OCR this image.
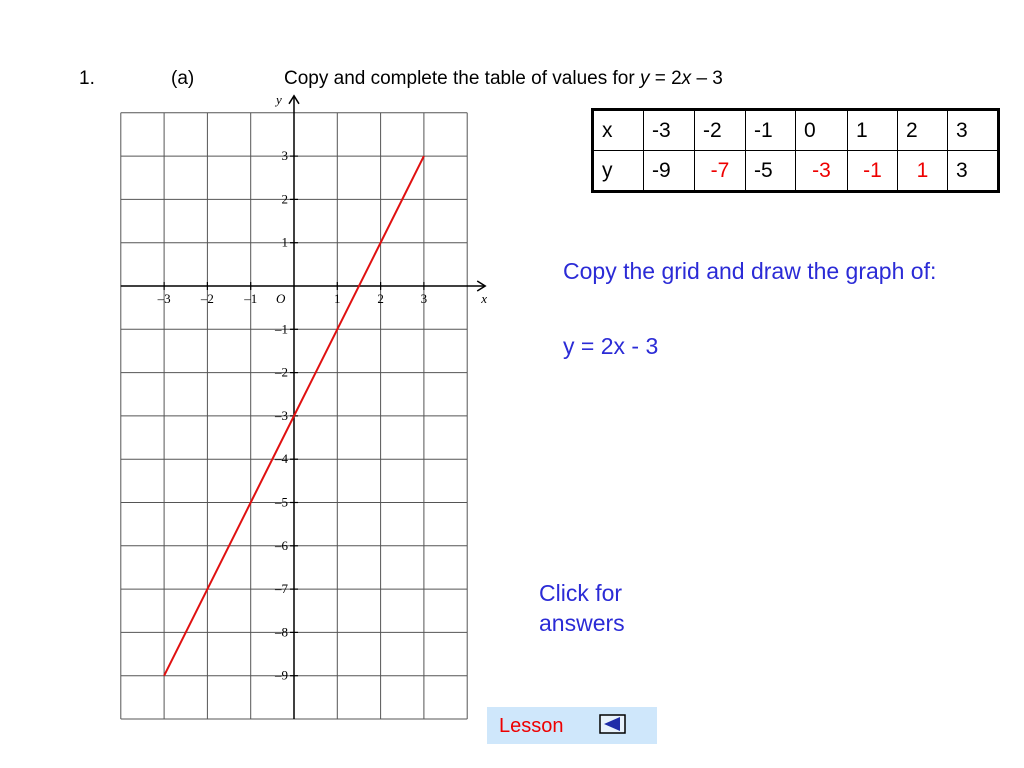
1.	(a)	Copy and complete the table of values for y = 2x – 3
x
y
O
–3 –2 –1	1	2	3
3
2
1
–1
–2
–3
–4
–5
–6
–7
–8
–9
x	-3	-2	-1	0	1	2	3
y	-9	-7	-5	-3	-1	1	3
Copy the grid and draw the graph of:
y = 2x - 3
Click for answers
Lesson
